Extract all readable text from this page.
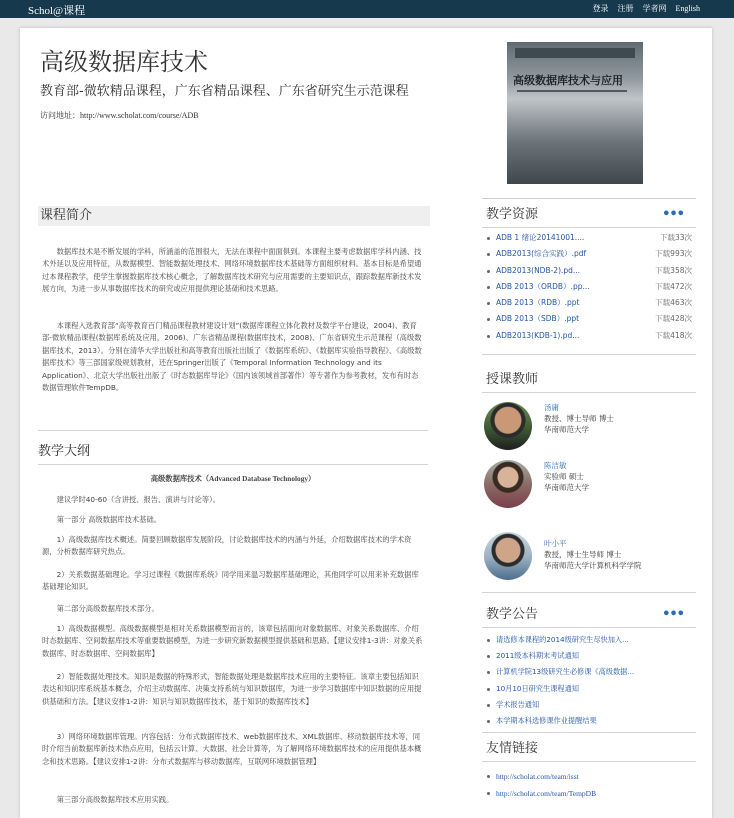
Schol@课程	登录 注册 学者网 English
高级数据库技术
教育部-微软精品课程，广东省精品课程、广东省研究生示范课程
访问地址：http://www.scholat.com/course/ADB
高级数据库技术与应用
课程简介
数据库技术是不断发展的学科，所涵盖的范围很大，无法在课程中面面俱到。本课程主要考虑数据库学科内涵、技术外延以及应用特征，从数据模型、智能数据处理技术、网络环境数据库技术基础等方面组织材料。基本目标是希望通过本课程教学，使学生掌握数据库技术核心概念，了解数据库技术研究与应用需要的主要知识点，跟踪数据库新技术发展方向，为进一步从事数据库技术的研究或应用提供理论基础和技术思路。
本课程入选教育部“高等教育百门精品课程教材建设计划”(数据库课程立体化教材及数学平台建设，2004)、教育部-微软精品课程(数据库系统及应用，2006)、广东省精品课程(数据库技术，2008)、广东省研究生示范课程（高级数据库技术，2013）。分别在清华大学出版社和高等教育出版社出版了《数据库系统》、《数据库实验指导教程》、《高级数据库技术》等三部国家级规划教材，还在Springer出版了《Temporal Information Technology and its Application》、北京大学出版社出版了《时态数据库导论》（国内该领域首部著作）等专著作为参考教材，发布有时态数据管理软件TempDB。
教学大纲
高级数据库技术（Advanced Database Technology）
建议学时40-60（含讲授、报告、演讲与讨论等）。
第一部分 高级数据库技术基础。
1）高级数据库技术概述。简要回顾数据库发展阶段，讨论数据库技术的内涵与外延，介绍数据库技术的学术资源，分析数据库研究热点。
2）关系数据基础理论。学习过课程《数据库系统》同学用来温习数据库基础理论，其他同学可以用来补充数据库基础理论知识。
第二部分高级数据库技术部分。
1）高级数据模型。高级数据模型是相对关系数据模型而言的，该章包括面向对象数据库、对象关系数据库、介绍时态数据库、空间数据库技术等重要数据模型，为进一步研究新数据模型提供基础和思路。【建议安排1-3讲：对象关系数据库、时态数据库、空间数据库】
2）智能数据处理技术。知识是数据的特殊形式，智能数据处理是数据库技术应用的主要特征。该章主要包括知识表达和知识库系统基本概念，介绍主动数据库、决策支持系统与知识数据库，为进一步学习数据库中知识数据的应用提供基础和方法。【建议安排1-2讲：知识与知识数据库技术，基于知识的数据库技术】
3）网络环境数据库管理。内容包括：分布式数据库技术、web数据库技术、XML数据库、移动数据库技术等，同时介绍当前数据库新技术热点应用，包括云计算、大数据、社会计算等，为了解网络环境数据库技术的应用提供基本概念和技术思路。【建议安排1-2讲：分布式数据库与移动数据库，互联网环境数据管理】
第三部分高级数据库技术应用实践。
教学资源	•••
ADB 1 绪论20141001....	下载33次
ADB2013(综合实践）.pdf	下载993次
ADB2013(NDB-2).pd...	下载358次
ADB 2013（ORDB）.pp...	下载472次
ADB 2013（RDB）.ppt	下载463次
ADB 2013（SDB）.ppt	下载428次
ADB2013(KDB-1).pd...	下载418次
授课教师
汤庸
教授、博士导师 博士
华南师范大学
陈洁敏
实验师 硕士
华南师范大学
叶小平
教授，博士生导师 博士
华南师范大学计算机科学学院
教学公告	•••
请选修本课程的2014级研究生尽快加入...
2011级本科期末考试通知
计算机学院13级研究生必修课《高级数据...
10月10日研究生课程通知
学术报告通知
本学期本科选修课作业提醒结果
友情链接
http://scholat.com/team/isst
http://scholat.com/team/TempDB
